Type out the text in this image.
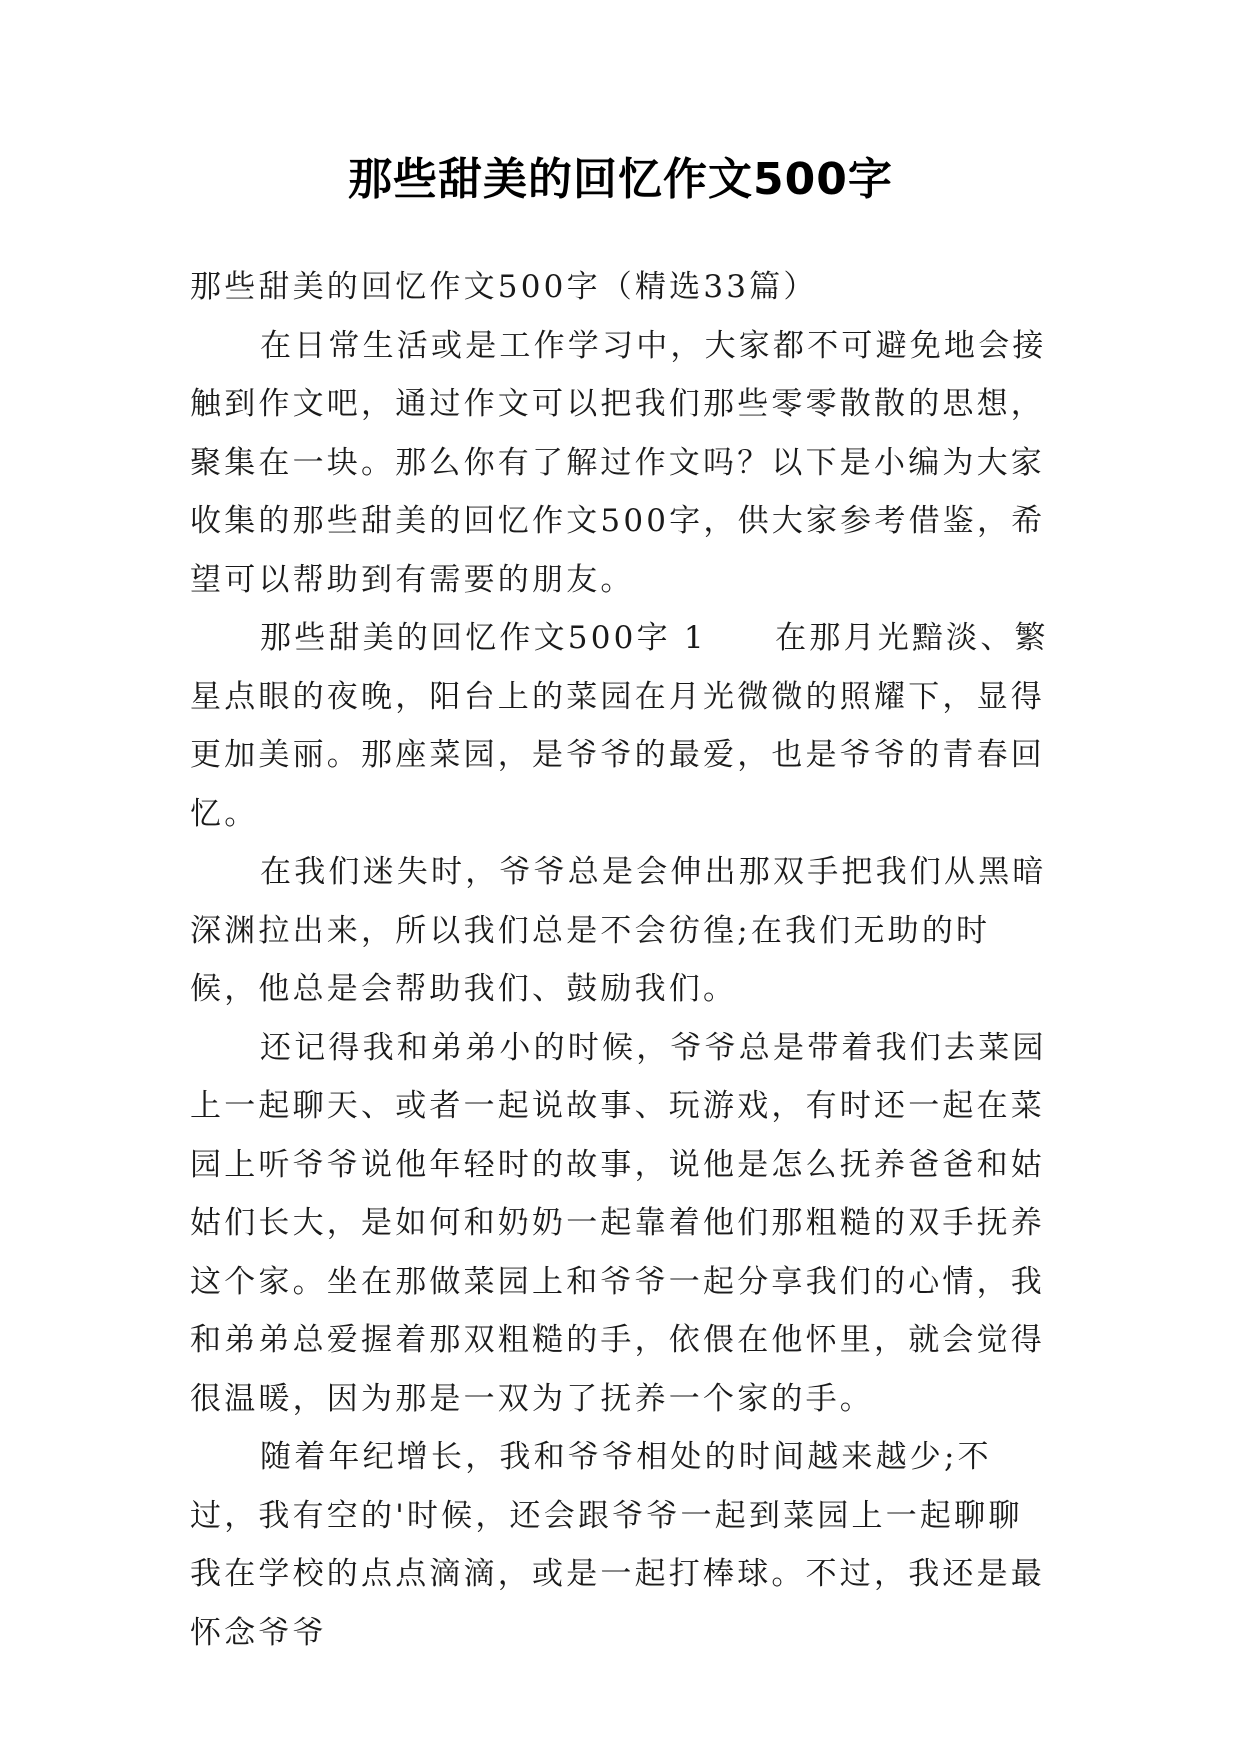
那些甜美的回忆作文500字

那些甜美的回忆作文500字（精选33篇）

在日常生活或是工作学习中，大家都不可避免地会接触到作文吧，通过作文可以把我们那些零零散散的思想，聚集在一块。那么你有了解过作文吗？以下是小编为大家收集的那些甜美的回忆作文500字，供大家参考借鉴，希望可以帮助到有需要的朋友。

那些甜美的回忆作文500字 1　　在那月光黯淡、繁星点眼的夜晚，阳台上的菜园在月光微微的照耀下，显得更加美丽。那座菜园，是爷爷的最爱，也是爷爷的青春回忆。

在我们迷失时，爷爷总是会伸出那双手把我们从黑暗深渊拉出来，所以我们总是不会彷徨;在我们无助的时候，他总是会帮助我们、鼓励我们。

还记得我和弟弟小的时候，爷爷总是带着我们去菜园上一起聊天、或者一起说故事、玩游戏，有时还一起在菜园上听爷爷说他年轻时的故事，说他是怎么抚养爸爸和姑姑们长大，是如何和奶奶一起靠着他们那粗糙的双手抚养这个家。坐在那做菜园上和爷爷一起分享我们的心情，我和弟弟总爱握着那双粗糙的手，依偎在他怀里，就会觉得很温暖，因为那是一双为了抚养一个家的手。

随着年纪增长，我和爷爷相处的时间越来越少;不过，我有空的'时候，还会跟爷爷一起到菜园上一起聊聊我在学校的点点滴滴，或是一起打棒球。不过，我还是最怀念爷爷
